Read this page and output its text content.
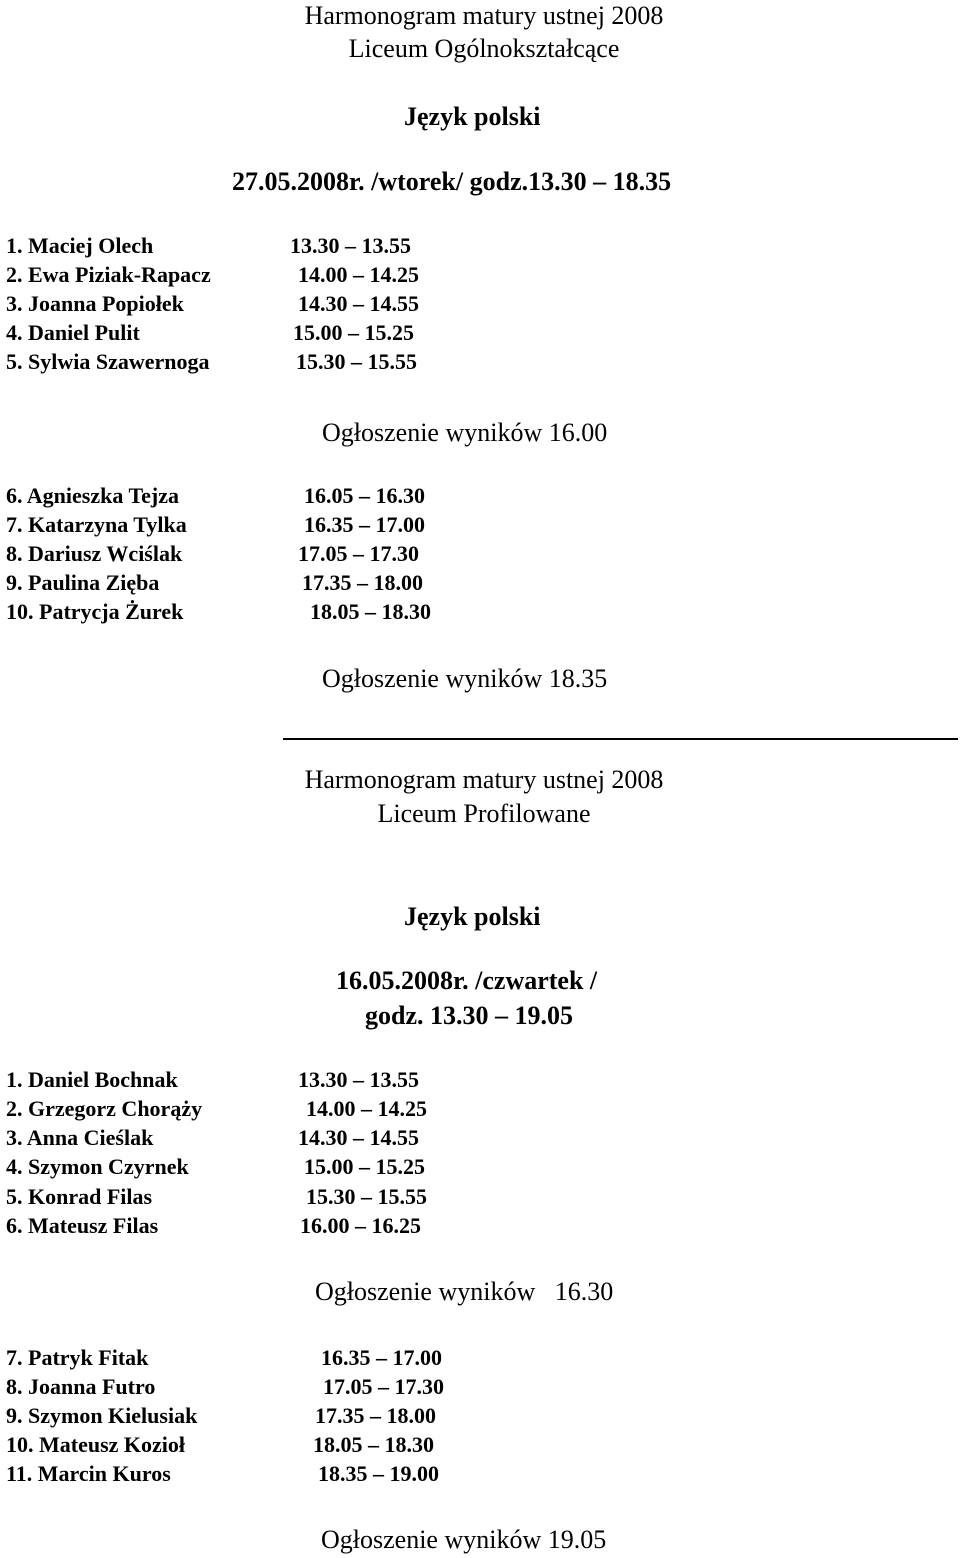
Harmonogram matury ustnej 2008
Liceum Ogólnokształcące
Język polski
27.05.2008r. /wtorek/ godz.13.30 – 18.35
1. Maciej Olech	13.30 – 13.55
2. Ewa Piziak-Rapacz	14.00 – 14.25
3. Joanna Popiołek	14.30 – 14.55
4. Daniel Pulit	15.00 – 15.25
5. Sylwia Szawernoga	15.30 – 15.55
Ogłoszenie wyników 16.00
6. Agnieszka Tejza	16.05 – 16.30
7. Katarzyna Tylka	16.35 – 17.00
8. Dariusz Wciślak	17.05 – 17.30
9. Paulina Zięba	17.35 – 18.00
10. Patrycja Żurek	18.05 – 18.30
Ogłoszenie wyników 18.35
Harmonogram matury ustnej 2008
Liceum Profilowane
Język polski
16.05.2008r. /czwartek /
godz. 13.30 – 19.05
1. Daniel Bochnak	13.30 – 13.55
2. Grzegorz Chorąży	14.00 – 14.25
3. Anna Cieślak	14.30 – 14.55
4. Szymon Czyrnek	15.00 – 15.25
5. Konrad Filas	15.30 – 15.55
6. Mateusz Filas	16.00 – 16.25
Ogłoszenie wyników   16.30
7. Patryk Fitak	16.35 – 17.00
8. Joanna Futro	17.05 – 17.30
9. Szymon Kielusiak	17.35 – 18.00
10. Mateusz Kozioł	18.05 – 18.30
11. Marcin Kuros	18.35 – 19.00
Ogłoszenie wyników 19.05
